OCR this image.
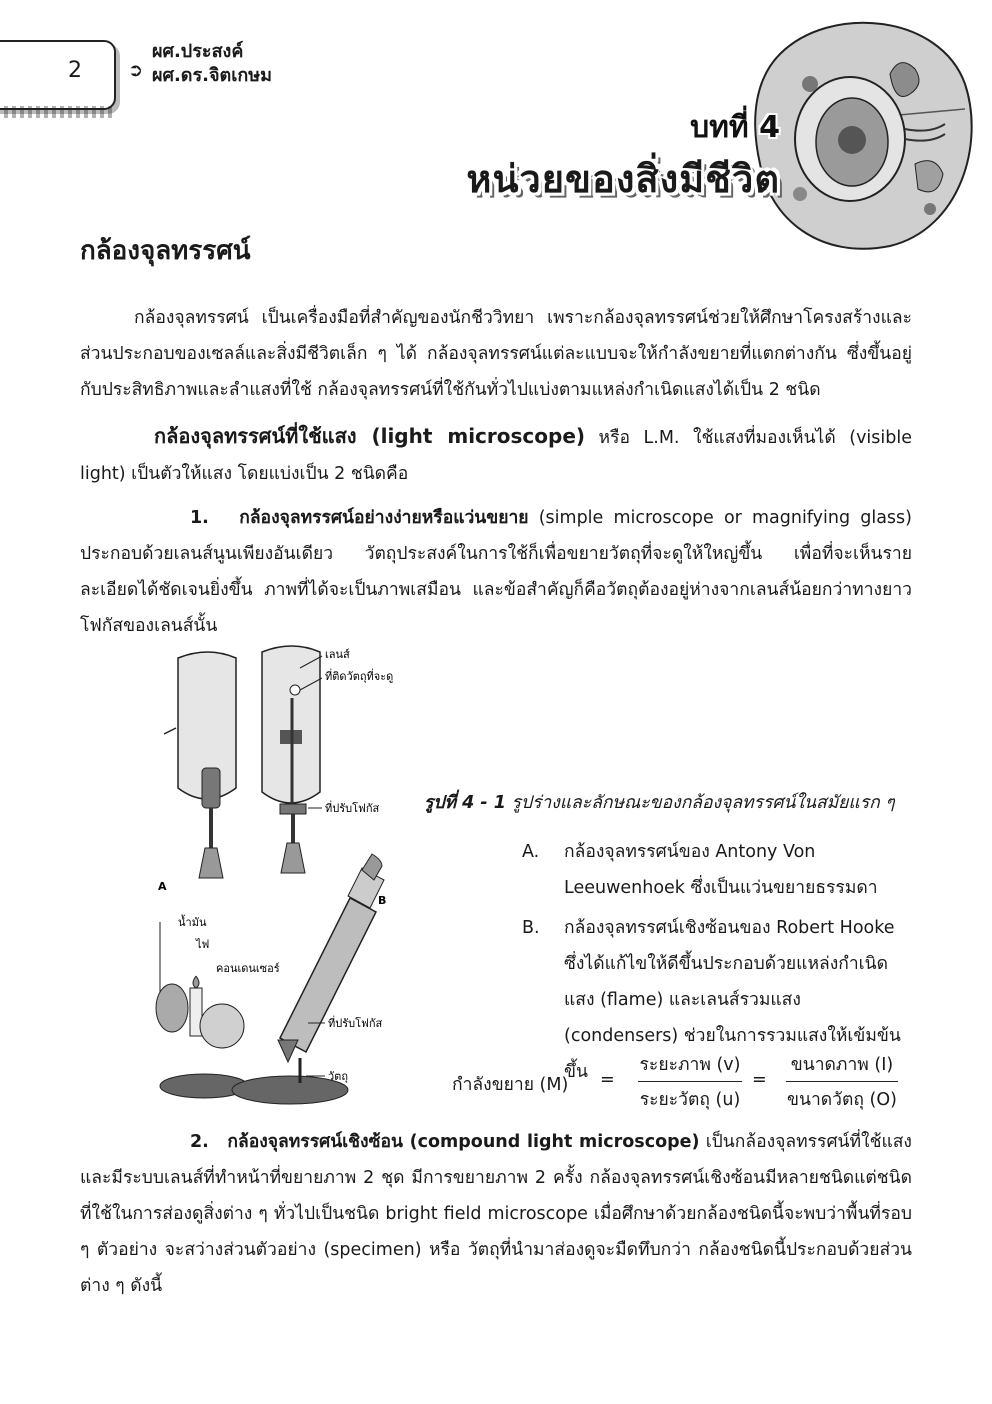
2	➲
ผศ.ประสงค์
ผศ.ดร.จิตเกษม
บทที่ 4
หน่วยของสิ่งมีชีวิต
กล้องจุลทรรศน์
กล้องจุลทรรศน์ เป็นเครื่องมือที่สำคัญของนักชีววิทยา เพราะกล้องจุลทรรศน์ช่วยให้ศึกษาโครงสร้างและส่วนประกอบของเซลล์และสิ่งมีชีวิตเล็ก ๆ ได้ กล้องจุลทรรศน์แต่ละแบบจะให้กำลังขยายที่แตกต่างกัน ซึ่งขึ้นอยู่กับประสิทธิภาพและลำแสงที่ใช้ กล้องจุลทรรศน์ที่ใช้กันทั่วไปแบ่งตามแหล่งกำเนิดแสงได้เป็น 2 ชนิด
กล้องจุลทรรศน์ที่ใช้แสง (light microscope) หรือ L.M. ใช้แสงที่มองเห็นได้ (visible light) เป็นตัวให้แสง โดยแบ่งเป็น 2 ชนิดคือ
1. กล้องจุลทรรศน์อย่างง่ายหรือแว่นขยาย (simple microscope or magnifying glass) ประกอบด้วยเลนส์นูนเพียงอันเดียว วัตถุประสงค์ในการใช้ก็เพื่อขยายวัตถุที่จะดูให้ใหญ่ขึ้น เพื่อที่จะเห็นรายละเอียดได้ชัดเจนยิ่งขึ้น ภาพที่ได้จะเป็นภาพเสมือน และข้อสำคัญก็คือวัตถุต้องอยู่ห่างจากเลนส์น้อยกว่าทางยาวโฟกัสของเลนส์นั้น
A
เลนส์
ที่ติดวัตถุที่จะดู
ที่ปรับโฟกัส
B
น้ำมัน
ไฟ
คอนเดนเซอร์
ที่ปรับโฟกัส
วัตถุ
รูปที่ 4 - 1 รูปร่างและลักษณะของกล้องจุลทรรศน์ในสมัยแรก ๆ
A.	กล้องจุลทรรศน์ของ Antony Von Leeuwenhoek ซึ่งเป็นแว่นขยายธรรมดา
B.	กล้องจุลทรรศน์เชิงซ้อนของ Robert Hooke ซึ่งได้แก้ไขให้ดีขึ้นประกอบด้วยแหล่งกำเนิดแสง (flame) และเลนส์รวมแสง (condensers) ช่วยในการรวมแสงให้เข้มข้นขึ้น
กำลังขยาย (M) =
ระยะภาพ (v)
ระยะวัตถุ (u)
=
ขนาดภาพ (I)
ขนาดวัตถุ (O)
2. กล้องจุลทรรศน์เชิงซ้อน (compound light microscope) เป็นกล้องจุลทรรศน์ที่ใช้แสงและมีระบบเลนส์ที่ทำหน้าที่ขยายภาพ 2 ชุด มีการขยายภาพ 2 ครั้ง กล้องจุลทรรศน์เชิงซ้อนมีหลายชนิดแต่ชนิดที่ใช้ในการส่องดูสิ่งต่าง ๆ ทั่วไปเป็นชนิด bright field microscope เมื่อศึกษาด้วยกล้องชนิดนี้จะพบว่าพื้นที่รอบ ๆ ตัวอย่าง จะสว่างส่วนตัวอย่าง (specimen) หรือ วัตถุที่นำมาส่องดูจะมืดทึบกว่า กล้องชนิดนี้ประกอบด้วยส่วนต่าง ๆ ดังนี้
